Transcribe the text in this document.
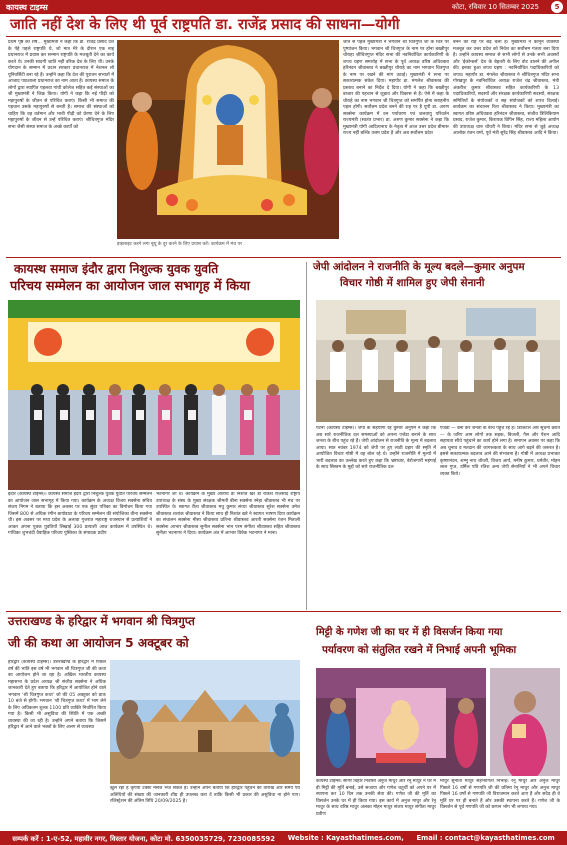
कायस्थ टाइम्स	कोटा, रविवार 10 सितम्बर 2025	5
जाति नहीं देश के लिए थी पूर्व राष्ट्रपति डा. राजेंद्र प्रसाद की साधना—योगी
प्रथम पृष्ठ का शेष... मुख्यमंत्री ने कहा कि डा. राजेंद्र प्रसाद देश के पेहे पहले राष्ट्रपति थे, जो मात्र मेरे के दौरान एक नाइ प्रधानराज में प्रवास कर सन्मान राष्ट्रपति के मजबूती देने का कार्य करते थे। उनकी सादगी जाति नहीं वरिक देश के लिए थी। उनके योगदान के सम्मान में प्रदान सरकार प्रधानराज में नेशनल लॉ यूनिवर्सिटी बना रहे हैं। उन्होंने कहा कि देश की पुरातन सभ्यतों में आजाद पाठशाला प्रधानराज का नाम आता है। कायस्थ समाज के लोगों द्वारा स्थापित पहलवा गांधी कोलेज सहित कई संस्थाओं का श्री मुख्यमंत्री ने जिक्र किया। योगी ने कहा कि नई पीढ़ी को महापुरुषों के जीवन से परिचित कराएं। किसी भी समाज की पहचान उसके महापुरुषों से बनती है। समाज की संस्थाओं को चाहिए कि वह वर्तमान और भावी पीढ़ी को प्रेरणा देने के लिए महापुरुषों के जीवन से उन्हें परिचित कराएं। श्रीचित्रगुप्त मंदिर सभा जैसी संस्था समाज के अच्छे कार्यों को
हाइलाइट करने लगा बूधू के दूर करने के लिए प्रयास करें। कार्यक्रम में मंच पर
जाने से पहले मुख्यमंत्री ने भगवान श्री चित्रगुप्त जी के चित्र पर पुष्पांजन किया। भगवान श्री चित्रगुप्त के नाम पर होना बख्तीपुर चौराहा श्रीचित्रगुप्त मंदिर सभा की नवनिर्वाचित कार्यकारिणी के शपथ ग्रहण समारोह में सभा के पूर्व अध्यक्ष वरिष्ठ अधिवक्ता हरिनंदन श्रीवास्तव ने बख्तीपुर चौराहे का नाम भगवान चित्रगुप्त के नाम पर रखने की मांग उठाई। मुख्यमंत्री ने सभा पर सकारात्मक संकेत दिया। महापौर डा. मंगलेश श्रीवास्तव की प्रस्ताव बनाने का निर्देश दे दिया। योगी ने कहा कि बख्तीपुर बाजार की पहचान से जुड़ाव और विकास से है। ऐसे में कहा के चौराहे का नाम भगवान श्री चित्रगुप्त को समर्पित होना सराहनीय पहल होगी। सर्वोत्तम प्रदेश बनने की राह पर है यूपी डा. अरुण सक्सेना कार्यक्रम में वन पर्यावरण एवं जलवायु परिवर्तन राज्यमंत्री (स्वतंत्र प्रभार) डा. अरुण कुमार सक्सेना ने कहा कि मुख्यमंत्री योगी आदित्यनाथ के नेतृत्व में आज उत्तर प्रदेश बीमारू राज्य नहीं बल्कि उत्तम प्रदेश है और अब सर्वोत्तम प्रदेश
बनने की राह पर बढ़ चला है। मुख्यमंत्री ने कानून व्यवस्था मजबूत कर उत्तर प्रदेश को निवेश का सर्वोत्तम गंतव्य बना दिया है। उन्होंने कायस्थ समाज से सभी लोगों से उनके सभी अवसरों और 'ईकोन्डर्स' देश के बेहतरी के लिए वोट डालने की अपील की। इनका हुआ शपथ ग्रहण : नवनिर्वाचित पदाधिकारियों को शपथ। महापौर डा. मंगलेश श्रीवास्तव ने श्रीचित्रगुप्त मंदिर सभा गोरखपुर के नवनिर्वाचित अध्यक्ष राजेश चंद्र श्रीवास्तव, मंत्री अंकरीश कुमार श्रीवास्तव सहित कार्यकारिणी के 13 पदाधिकारियों, सदस्यों और संरक्षक कार्यकारिणी सदस्यों, संरक्षक समितियों के संयोजकों व सह संयोजकों को शपथ दिलाई। कार्यक्रम का संचालन रिता श्रीवास्तव ने किया। मुख्यमंत्री का स्वागत वरिष्ठ अधिवक्ता हरिनंदन श्रीवास्तव, संजीव त्रिलिकियाम प्रसाद, राजेश कुमार, किरायक विपिन सिंह, राज्य महिला आयोग की उपाध्यक्ष चारु चौधरी ने किया। मंदिर सभा से जुड़े अध्यक्ष आलोक रंजन वर्मा, पूर्व मंत्री सुरेंद्र सिंह श्रीवास्तव आदि ने किया।
कायस्थ समाज इंदौर द्वारा निशुल्क युवक युवति
परिचय सम्मेलन का आयोजन जाल सभागृह में किया
इंदौर (कायस्थ टाइम्स)। कायस्थ समाज इंदौर द्वारा निशुल्क युवक युवति परिचय सम्मेलन का आयोजन जाल सभागृह में किया गया। कार्यक्रम के अध्यक्ष विजय सक्सेना सचिव संजय निगम ने बताया कि इस अवसर पर एक सुंदर पत्रिका का विमोचन किया गया जिसमें 800 से अधिक रंगीन बायोडाटा के परिचय सम्मेलन की संयोजिका वीना सक्सेना थी। इस अवसर पर मध्य प्रदेश के अलावा गुजरात महाराष्ट्र राजस्थान से प्रत्याशियों ने आकर अपना युवक युवतियों लिखाई 300 प्रत्याशी आज कार्यक्रम में उपस्थित थे। गांधिका शुभचंदी वैवाहिक परिचय पुस्तिका के संपादक प्रदीप
भटनागर जी थे। कार्यक्रम के मुख्य अतिथि डॉ निशांत खरे डॉ राकेश राजसाद राष्ट्रीय उपाध्यक्ष के संस्थ के मुख्य संरक्षक श्रीमती बीना सक्सेना स्नेहा श्रीवास्तव भी मंच पर उपस्थित थे। स्वागत रीता श्रीवास्तव मधु कुमार संध्या श्रीवास्तव सुरेश सक्सेना उमेश श्रीवास्तव शशांक श्रीवास्तव ने किया साथ ही निशांत खरे ने स्वागत भाषण दिया कार्यक्रम का संचालन सक्सेना मीसा श्रीवास्तव प्रतिभा श्रीवास्तव आरती सक्सेना रंजन मिताली सक्सेना आभार श्रीवास्तव सुनील सक्सेना भान परम संगीता श्रीवास्तव सहित श्रीवास्तव सुनीता भटनागर ने दिया। कार्यक्रम अंत में आभार विवेक भटनागर ने माना।
जेपी आंदोलन ने राजनीति के मूल्य बदले—कुमार अनुपम
विचार गोष्ठी में शामिल हुए जेपी सेनानी
पटना (कायस्थ टाइम्स)। जेपी के सहयोगी रहे कुमार अनुपम ने कहा कि अब सारे राजनीतिक दल समस्याओं को अपना एजेंडा बनाने के साथ जनता के बीच पहुंच रहे हैं। जेपी आंदोलन से राजनीति के मूल्य में बदलाव आया। सात नवंबर 1974 को जेपी पर हुए लाठी प्रहार की स्मृति में आयोजित विचार गोष्ठी में वह बोल रहे थे। उन्होंने राजनीति में मूल्यों में भारी बदलाव का उल्लेख करते हुए कहा कि भ्रष्टाचार, बेरोजगारी महंगाई के साथ सिस्तम के मुद्दों को सारे राजनीतिक दल
एजेंडा — बना कर जनता के बीच पहुंच रहे हैं। डिजिटल और सूचना क्रांति — के जरिए आम लोगों तक सड़क, बिजली, गैस और पेंशन आदि सहायता सीधे पहुंचाने का कार्य होने लगा है। समापन अवसर पर कहा कि अब चुनाव व मतदान की जागरूकता के साथ आगे बढ़ने की जरूरत है। इससे सकारात्मक बदलाव आने की संभावना है। गोष्ठी में अध्यक्ष प्रभाकर कृष्णानंदन, शम्भु नाथ चौधरी, विजय आर्य, मनीष कुमार, धर्मवीर, मोहन लाल गुप्त, उर्मिल पति रतिश अन्य जेपी सेनानियों ने भी अपने विचार व्यक्त किये।
उत्तराखण्ड के हरिद्वार में भगवान श्री चित्रगुप्त
जी की कथा आ आयोजन 5 अक्टूबर को
हरिद्वार (कायस्थ टाइम्स)। उत्तराखण्ड के हरिद्वार में पिछले वर्ष की भांति इस वर्ष भी भगवान श्री चित्रगुप्त जी की कथा का आयोजन होने जा रहा है। अखिल भारतीय कायस्थ महासभा के प्रदेश अध्यक्ष श्री संजीव सक्सेना ने अधिक जानकारी देते हुए बताया कि हरिद्वार में आयोजित होने वाले भगवान 'श्री चित्रगुप्त कथा' जो की 05 अक्टूबर को प्रातः 10 बजे से होगी। भगवान 'श्री चित्रगुप्त कथा' में भाग लेने के लिए अधिकतम शुल्क 1100 प्रति व्यक्ति निर्धारित किया गया है। किसी भी असुविधा की स्थिति में एक अच्छी व्यवस्था की जा रही है। उन्होंने अपने बताया कि जिसमें हरिद्वार में आने वाले भक्तों के लिए अलग से व्यवस्था
खुल रहा है कृपया टेक्स्ट मैसेज भेज सकते है। उन्होंने अपने बताया कि हरिद्वार पहुँचने की तारीख और समय एवं अतिथियों की संख्या की जानकारी शीघ्र ही उपलब्ध करा दें ताकि किसी भी प्रकार की असुविधा ना होने पाए। रजिस्ट्रेशन की अंतिम तिथि 20/09/2025 है।
मिट्टी के गणेश जी का घर में ही विसर्जन किया गया
पर्यावरण को संतुलित रखने में निभाई अपनी भूमिका
कायस्थ टाइम्स। सागर विहार निवासी अनुज माथुर और रेनू माथुर ने घर में ही मिट्टी की मूर्ति बनाई, उसे सजाया और गणेश चतुर्थी को अपने घर में स्थापना कर 10 दिन तक उनकी सेवा की। गणेश जी की मूर्ति का विसर्जन उनके घर में ही किया गया। इस कार्य में अनुज माथुर और रेनू माथुर के साथ वरिष्ठ माथुर अलका मोहन माथुर संजय माथुर संगीता माथुर प्रवीण
माथुर सुनीता माथुर सहभागिता निभाई। रेनू माथुर और अनुज माथुर पिछले 16 वर्षों से गणपति जी की प्रतिमा रेनू माथुर और अनुज माथुर पिछले 16 वर्षों से गणपति जी विराजमान करते आए हैं और सदैव ही वे मूर्ति घर पर ही बनाते हैं और उसकी स्थापना करते हैं। गणेश जी के विसर्जन से पूर्व गणपति जी को छप्पन भोग भी लगाया गया।
सम्पर्क करें : 1-ए-52, महावीर नगर, विस्तार योजना, कोटा मो. 6350035729, 7230085592 Website : Kayasthatimes.com, Email : contact@kayasthatimes.com
